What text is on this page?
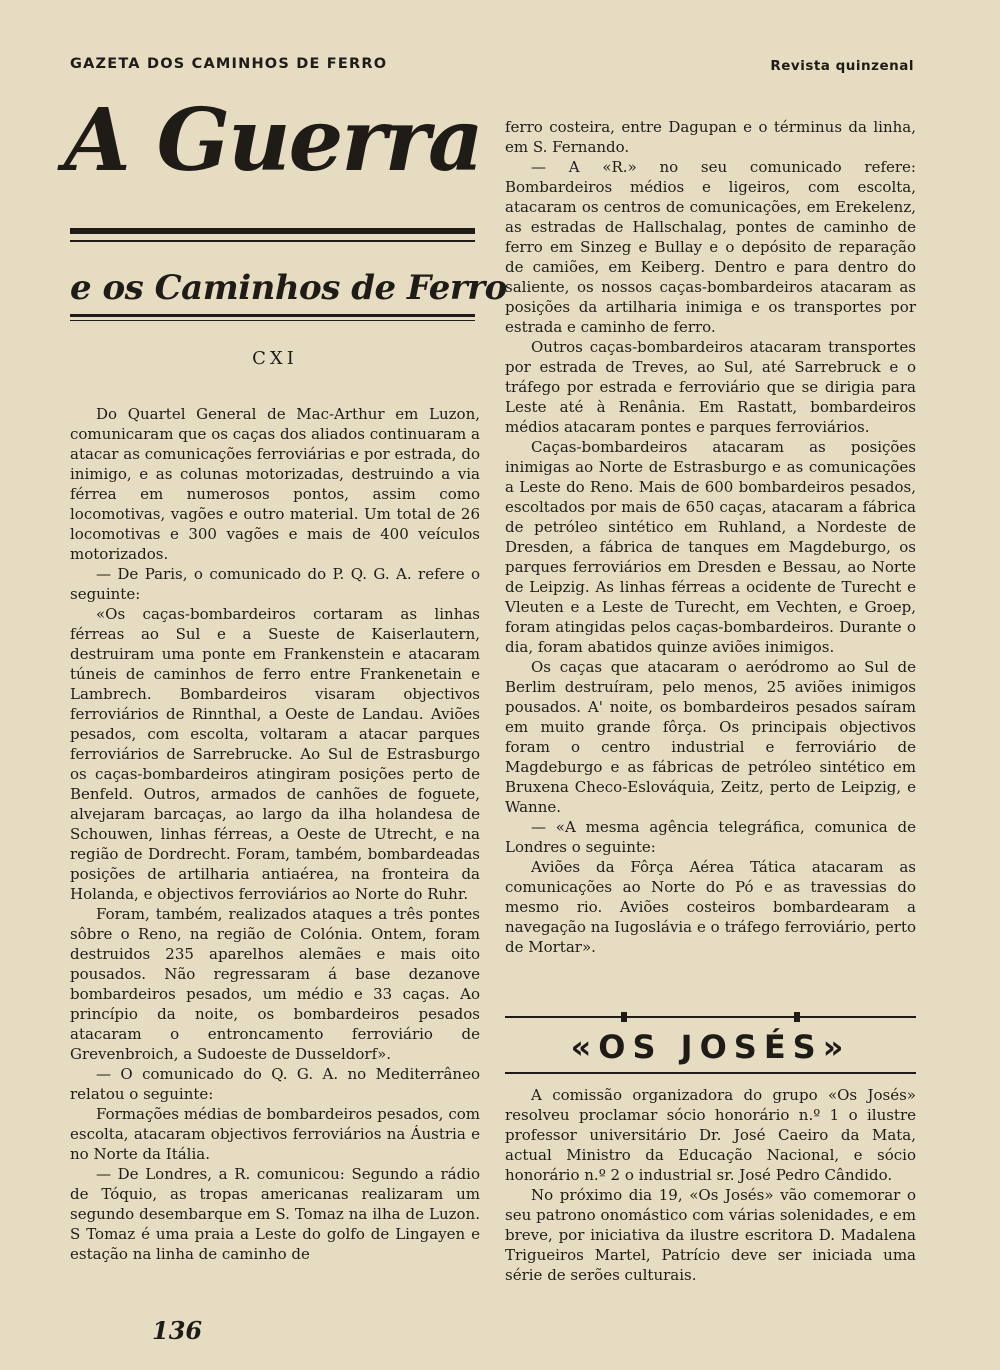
GAZETA DOS CAMINHOS DE FERRO	Revista quinzenal
A Guerra
e os Caminhos de Ferro
CXI

Do Quartel General de Mac-Arthur em Luzon, comunicaram que os caças dos aliados continuaram a atacar as comunicações ferroviárias e por estrada, do inimigo, e as colunas motorizadas, destruindo a via férrea em numerosos pontos, assim como locomotivas, vagões e outro material. Um total de 26 locomotivas e 300 vagões e mais de 400 veículos motorizados.

— De Paris, o comunicado do P. Q. G. A. refere o seguinte:

«Os caças-bombardeiros cortaram as linhas férreas ao Sul e a Sueste de Kaiserlautern, destruiram uma ponte em Frankenstein e atacaram túneis de caminhos de ferro entre Frankenetain e Lambrech. Bombardeiros visaram objectivos ferroviários de Rinnthal, a Oeste de Landau. Aviões pesados, com escolta, voltaram a atacar parques ferroviários de Sarrebrucke. Ao Sul de Estrasburgo os caças-bombardeiros atingiram posições perto de Benfeld. Outros, armados de canhões de foguete, alvejaram barcaças, ao largo da ilha holandesa de Schouwen, linhas férreas, a Oeste de Utrecht, e na região de Dordrecht. Foram, também, bombardeadas posições de artilharia antiaérea, na fronteira da Holanda, e objectivos ferroviários ao Norte do Ruhr.

Foram, também, realizados ataques a três pontes sôbre o Reno, na região de Colónia. Ontem, foram destruidos 235 aparelhos alemães e mais oito pousados. Não regressaram á base dezanove bombardeiros pesados, um médio e 33 caças. Ao princípio da noite, os bombardeiros pesados atacaram o entroncamento ferroviário de Grevenbroich, a Sudoeste de Dusseldorf».

— O comunicado do Q. G. A. no Mediterrâneo relatou o seguinte:

Formações médias de bombardeiros pesados, com escolta, atacaram objectivos ferroviários na Áustria e no Norte da Itália.

— De Londres, a R. comunicou: Segundo a rádio de Tóquio, as tropas americanas realizaram um segundo desembarque em S. Tomaz na ilha de Luzon. S Tomaz é uma praia a Leste do golfo de Lingayen e estação na linha de caminho de

ferro costeira, entre Dagupan e o términus da linha, em S. Fernando.

— A «R.» no seu comunicado refere: Bombardeiros médios e ligeiros, com escolta, atacaram os centros de comunicações, em Erekelenz, as estradas de Hallschalag, pontes de caminho de ferro em Sinzeg e Bullay e o depósito de reparação de camiões, em Keiberg. Dentro e para dentro do saliente, os nossos caças-bombardeiros atacaram as posições da artilharia inimiga e os transportes por estrada e caminho de ferro.

Outros caças-bombardeiros atacaram transportes por estrada de Treves, ao Sul, até Sarrebruck e o tráfego por estrada e ferroviário que se dirigia para Leste até à Renânia. Em Rastatt, bombardeiros médios atacaram pontes e parques ferroviários.

Caças-bombardeiros atacaram as posições inimigas ao Norte de Estrasburgo e as comunicações a Leste do Reno. Mais de 600 bombardeiros pesados, escoltados por mais de 650 caças, atacaram a fábrica de petróleo sintético em Ruhland, a Nordeste de Dresden, a fábrica de tanques em Magdeburgo, os parques ferroviários em Dresden e Bessau, ao Norte de Leipzig. As linhas férreas a ocidente de Turecht e Vleuten e a Leste de Turecht, em Vechten, e Groep, foram atingidas pelos caças-bombardeiros. Durante o dia, foram abatidos quinze aviões inimigos.

Os caças que atacaram o aeródromo ao Sul de Berlim destruíram, pelo menos, 25 aviões inimigos pousados. A' noite, os bombardeiros pesados saíram em muito grande fôrça. Os principais objectivos foram o centro industrial e ferroviário de Magdeburgo e as fábricas de petróleo sintético em Bruxena Checo-Eslováquia, Zeitz, perto de Leipzig, e Wanne.

— «A mesma agência telegráfica, comunica de Londres o seguinte:

Aviões da Fôrça Aérea Tática atacaram as comunicações ao Norte do Pó e as travessias do mesmo rio. Aviões costeiros bombardearam a navegação na Iugoslávia e o tráfego ferroviário, perto de Mortar».

«OS JOSÉS»

A comissão organizadora do grupo «Os Josés» resolveu proclamar sócio honorário n.º 1 o ilustre professor universitário Dr. José Caeiro da Mata, actual Ministro da Educação Nacional, e sócio honorário n.º 2 o industrial sr. José Pedro Cândido.

No próximo dia 19, «Os Josés» vão comemorar o seu patrono onomástico com várias solenidades, e em breve, por iniciativa da ilustre escritora D. Madalena Trigueiros Martel, Patrício deve ser iniciada uma série de serões culturais.

136
